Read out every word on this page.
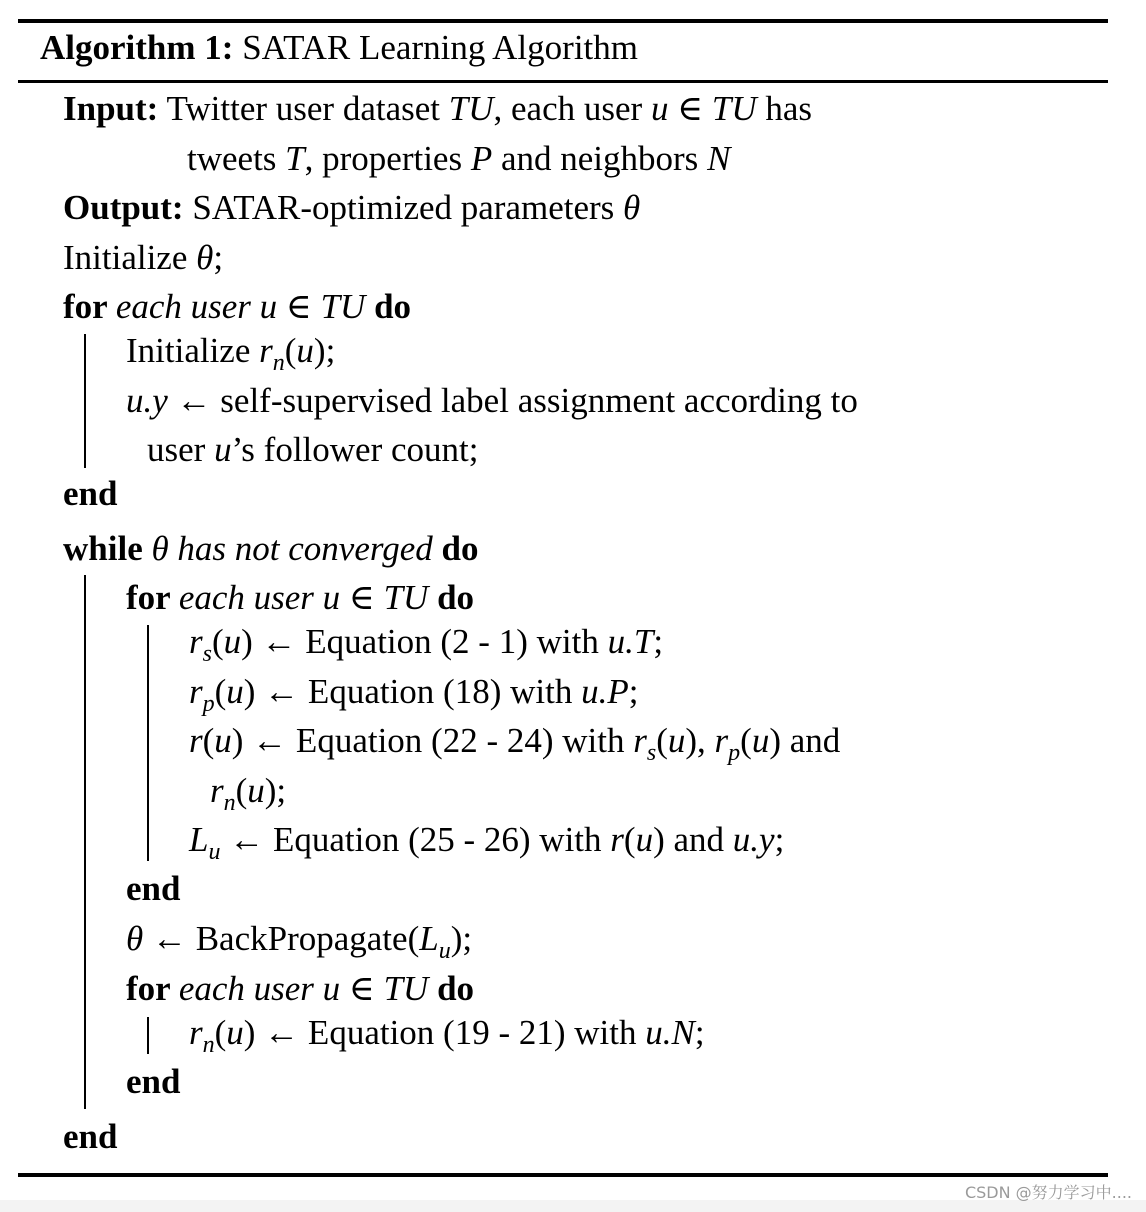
Algorithm 1: SATAR Learning Algorithm
Input: Twitter user dataset TU, each user u ∈ TU has
tweets T, properties P and neighbors N
Output: SATAR-optimized parameters θ
Initialize θ;
for each user u ∈ TU do
Initialize $r_n(u)$;
u.y ← self-supervised label assignment according to
user u’s follower count;
end
while θ has not converged do
for each user u ∈ TU do
$r_s(u)$ ← Equation (2 - 1) with u.T;
$r_p(u)$ ← Equation (18) with u.P;
r(u) ← Equation (22 - 24) with $r_s(u)$, $r_p(u)$ and
$r_n(u)$;
$L_u$ ← Equation (25 - 26) with r(u) and u.y;
end
θ ← $BackPropagate(L_u)$;
for each user u ∈ TU do
$r_n(u)$ ← Equation (19 - 21) with u.N;
end
end
CSDN @努力学习中....
